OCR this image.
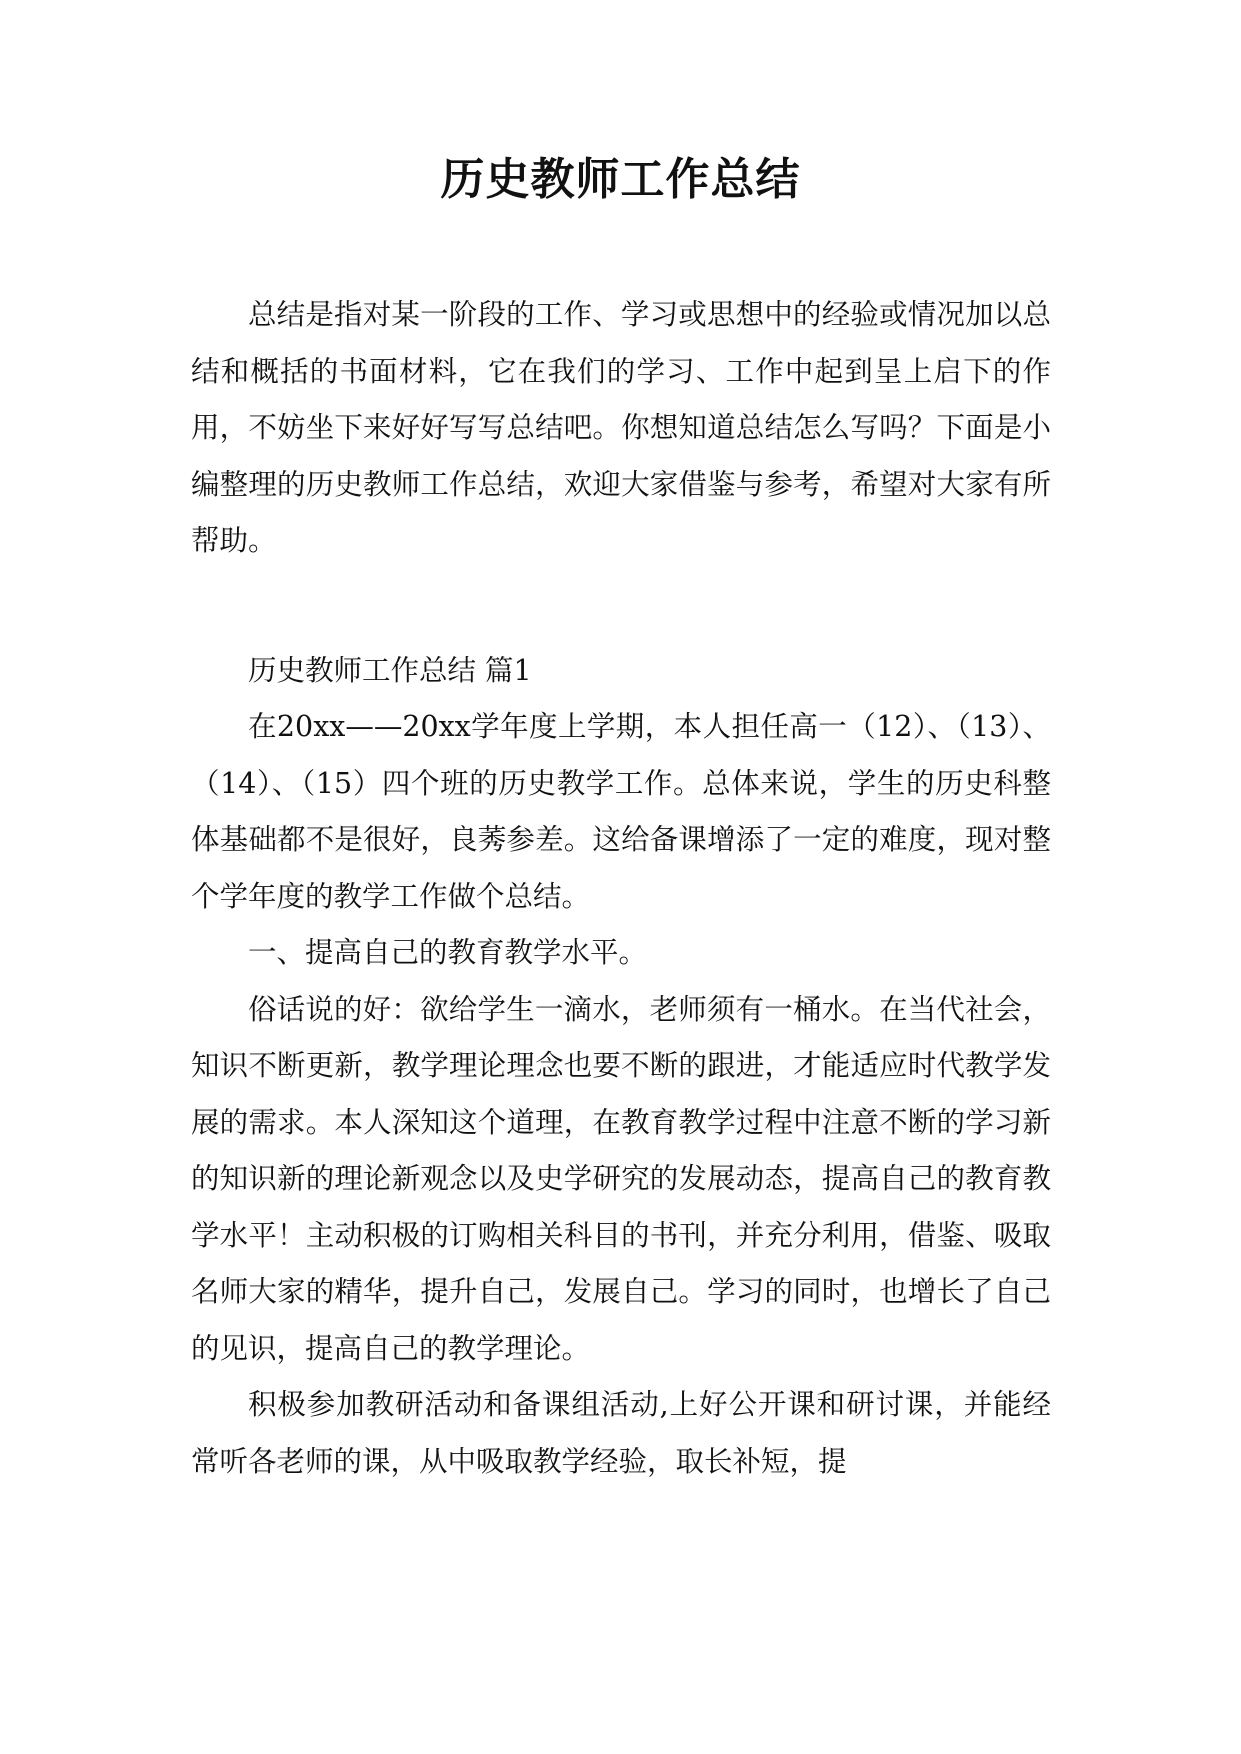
历史教师工作总结

总结是指对某一阶段的工作、学习或思想中的经验或情况加以总结和概括的书面材料，它在我们的学习、工作中起到呈上启下的作用，不妨坐下来好好写写总结吧。你想知道总结怎么写吗？下面是小编整理的历史教师工作总结，欢迎大家借鉴与参考，希望对大家有所帮助。

历史教师工作总结 篇1

在20xx——20xx学年度上学期，本人担任高一（12）、（13）、（14）、（15）四个班的历史教学工作。总体来说，学生的历史科整体基础都不是很好，良莠参差。这给备课增添了一定的难度，现对整个学年度的教学工作做个总结。

一、提高自己的教育教学水平。

俗话说的好：欲给学生一滴水，老师须有一桶水。在当代社会，知识不断更新，教学理论理念也要不断的跟进，才能适应时代教学发展的需求。本人深知这个道理，在教育教学过程中注意不断的学习新的知识新的理论新观念以及史学研究的发展动态，提高自己的教育教学水平！主动积极的订购相关科目的书刊，并充分利用，借鉴、吸取名师大家的精华，提升自己，发展自己。学习的同时，也增长了自己的见识，提高自己的教学理论。

积极参加教研活动和备课组活动,上好公开课和研讨课，并能经常听各老师的课，从中吸取教学经验，取长补短，提
